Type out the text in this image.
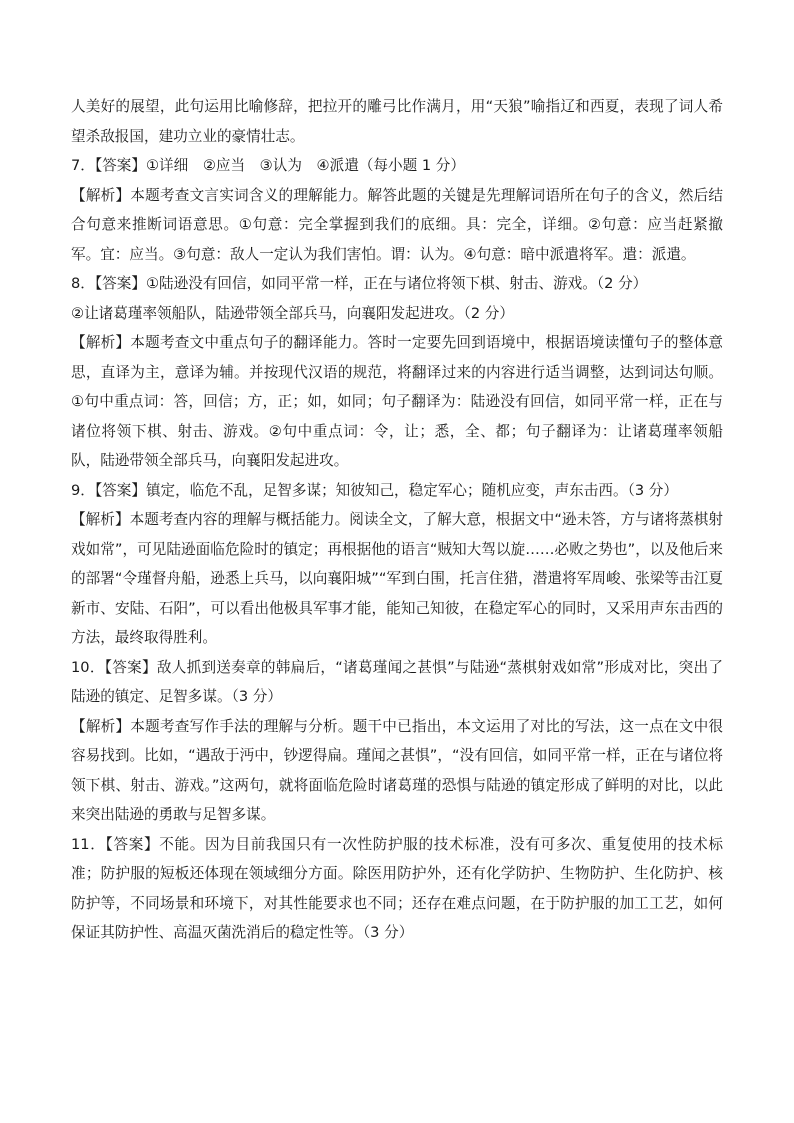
人美好的展望，此句运用比喻修辞，把拉开的雕弓比作满月，用“天狼”喻指辽和西夏，表现了词人希望杀敌报国，建功立业的豪情壮志。

7．【答案】①详细　②应当　③认为　④派遣（每小题 1 分）

【解析】本题考查文言实词含义的理解能力。解答此题的关键是先理解词语所在句子的含义，然后结合句意来推断词语意思。①句意：完全掌握到我们的底细。具：完全，详细。②句意：应当赶紧撤军。宜：应当。③句意：敌人一定认为我们害怕。谓：认为。④句意：暗中派遣将军。遣：派遣。

8．【答案】①陆逊没有回信，如同平常一样，正在与诸位将领下棋、射击、游戏。（2 分）

②让诸葛瑾率领船队，陆逊带领全部兵马，向襄阳发起进攻。（2 分）

【解析】本题考查文中重点句子的翻译能力。答时一定要先回到语境中，根据语境读懂句子的整体意思，直译为主，意译为辅。并按现代汉语的规范，将翻译过来的内容进行适当调整，达到词达句顺。①句中重点词：答，回信；方，正；如，如同；句子翻译为：陆逊没有回信，如同平常一样，正在与诸位将领下棋、射击、游戏。②句中重点词：令，让；悉，全、都；句子翻译为：让诸葛瑾率领船队，陆逊带领全部兵马，向襄阳发起进攻。

9．【答案】镇定，临危不乱，足智多谋；知彼知己，稳定军心；随机应变，声东击西。（3 分）

【解析】本题考查内容的理解与概括能力。阅读全文，了解大意，根据文中“逊未答，方与诸将蒸棋射戏如常”，可见陆逊面临危险时的镇定；再根据他的语言“贼知大驾以旋……必败之势也”，以及他后来的部署“令瑾督舟船，逊悉上兵马，以向襄阳城”“军到白围，托言住猎，潜遣将军周峻、张梁等击江夏新市、安陆、石阳”，可以看出他极具军事才能，能知己知彼，在稳定军心的同时，又采用声东击西的方法，最终取得胜利。

10．【答案】敌人抓到送奏章的韩扁后，“诸葛瑾闻之甚惧”与陆逊“蒸棋射戏如常”形成对比，突出了陆逊的镇定、足智多谋。（3 分）

【解析】本题考查写作手法的理解与分析。题干中已指出，本文运用了对比的写法，这一点在文中很容易找到。比如，“遇敌于沔中，钞逻得扁。瑾闻之甚惧”，“没有回信，如同平常一样，正在与诸位将领下棋、射击、游戏。”这两句，就将面临危险时诸葛瑾的恐惧与陆逊的镇定形成了鲜明的对比，以此来突出陆逊的勇敢与足智多谋。

11．【答案】不能。因为目前我国只有一次性防护服的技术标准，没有可多次、重复使用的技术标准；防护服的短板还体现在领域细分方面。除医用防护外，还有化学防护、生物防护、生化防护、核防护等，不同场景和环境下，对其性能要求也不同；还存在难点问题，在于防护服的加工工艺，如何保证其防护性、高温灭菌洗消后的稳定性等。（3 分）
